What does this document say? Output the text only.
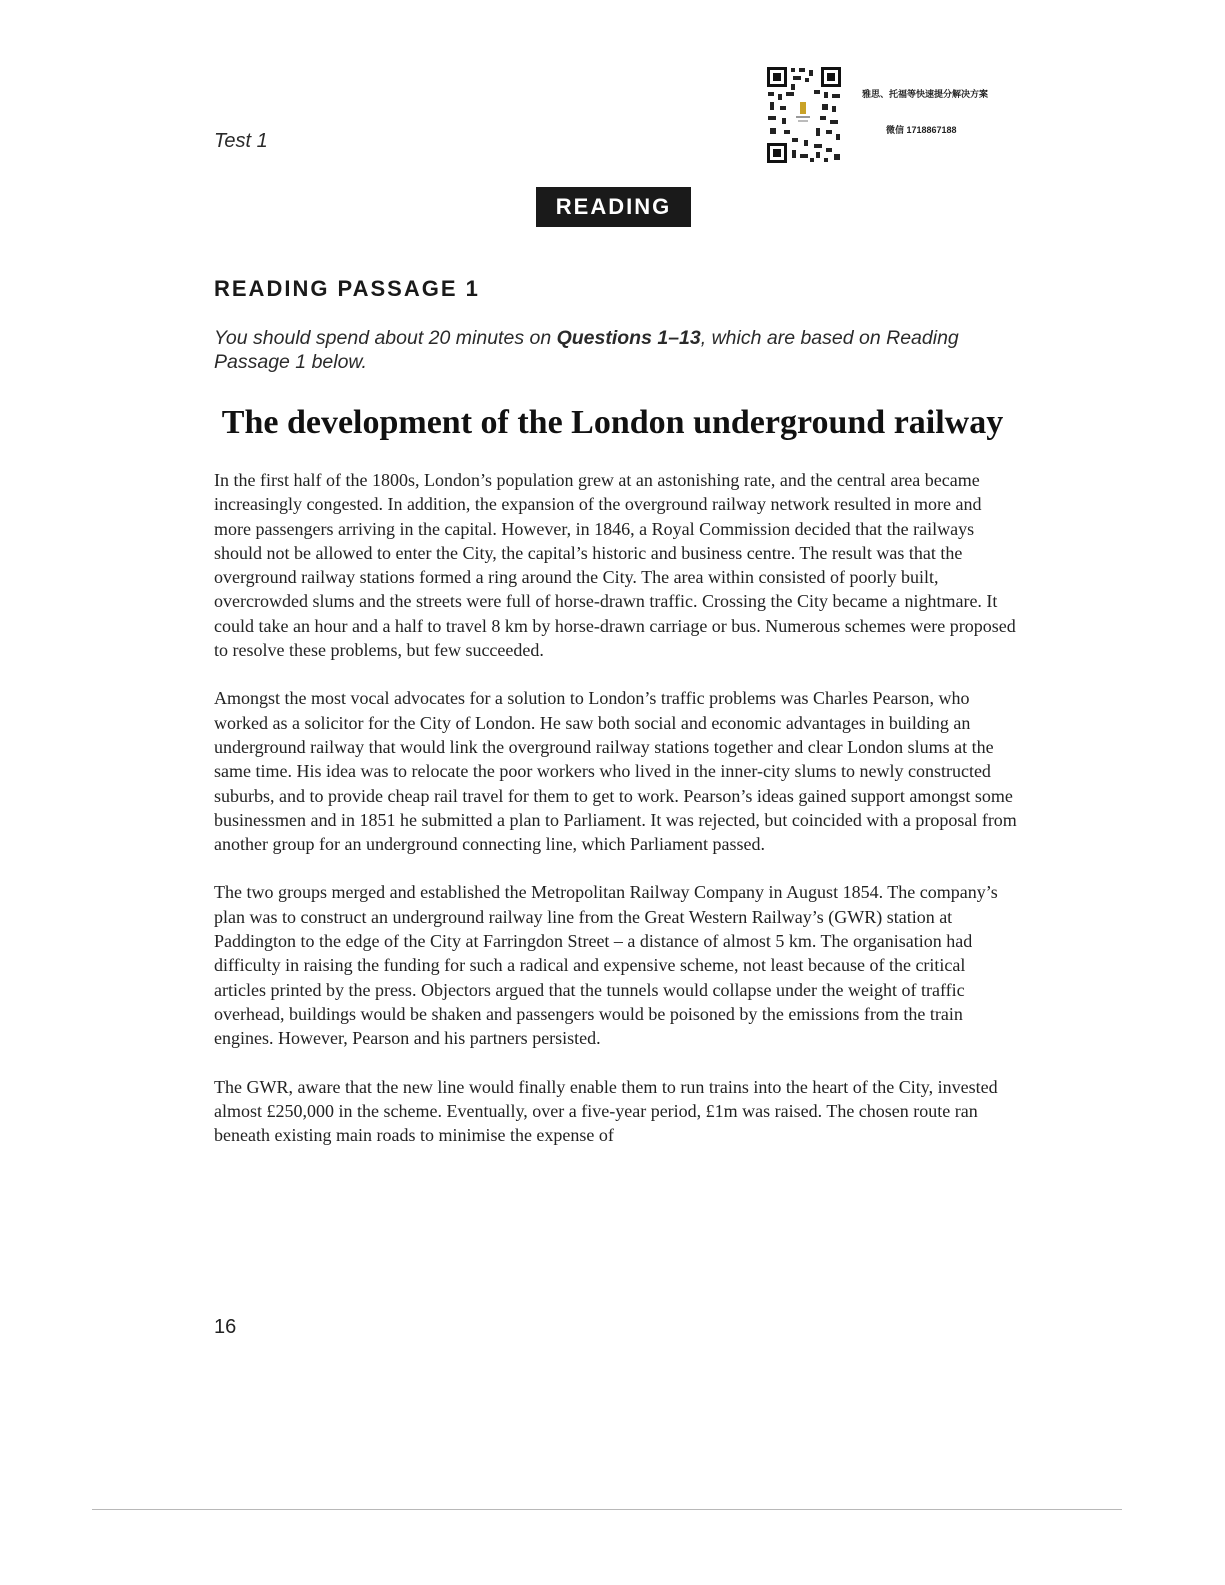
Test 1
雅思、托福等快速提分解决方案
微信 1718867188
READING
READING PASSAGE 1
You should spend about 20 minutes on Questions 1–13, which are based on Reading Passage 1 below.
The development of the London underground railway

In the first half of the 1800s, London’s population grew at an astonishing rate, and the central area became increasingly congested. In addition, the expansion of the overground railway network resulted in more and more passengers arriving in the capital. However, in 1846, a Royal Commission decided that the railways should not be allowed to enter the City, the capital’s historic and business centre. The result was that the overground railway stations formed a ring around the City. The area within consisted of poorly built, overcrowded slums and the streets were full of horse-drawn traffic. Crossing the City became a nightmare. It could take an hour and a half to travel 8 km by horse-drawn carriage or bus. Numerous schemes were proposed to resolve these problems, but few succeeded.

Amongst the most vocal advocates for a solution to London’s traffic problems was Charles Pearson, who worked as a solicitor for the City of London. He saw both social and economic advantages in building an underground railway that would link the overground railway stations together and clear London slums at the same time. His idea was to relocate the poor workers who lived in the inner-city slums to newly constructed suburbs, and to provide cheap rail travel for them to get to work. Pearson’s ideas gained support amongst some businessmen and in 1851 he submitted a plan to Parliament. It was rejected, but coincided with a proposal from another group for an underground connecting line, which Parliament passed.

The two groups merged and established the Metropolitan Railway Company in August 1854. The company’s plan was to construct an underground railway line from the Great Western Railway’s (GWR) station at Paddington to the edge of the City at Farringdon Street – a distance of almost 5 km. The organisation had difficulty in raising the funding for such a radical and expensive scheme, not least because of the critical articles printed by the press. Objectors argued that the tunnels would collapse under the weight of traffic overhead, buildings would be shaken and passengers would be poisoned by the emissions from the train engines. However, Pearson and his partners persisted.

The GWR, aware that the new line would finally enable them to run trains into the heart of the City, invested almost £250,000 in the scheme. Eventually, over a five-year period, £1m was raised. The chosen route ran beneath existing main roads to minimise the expense of

16
